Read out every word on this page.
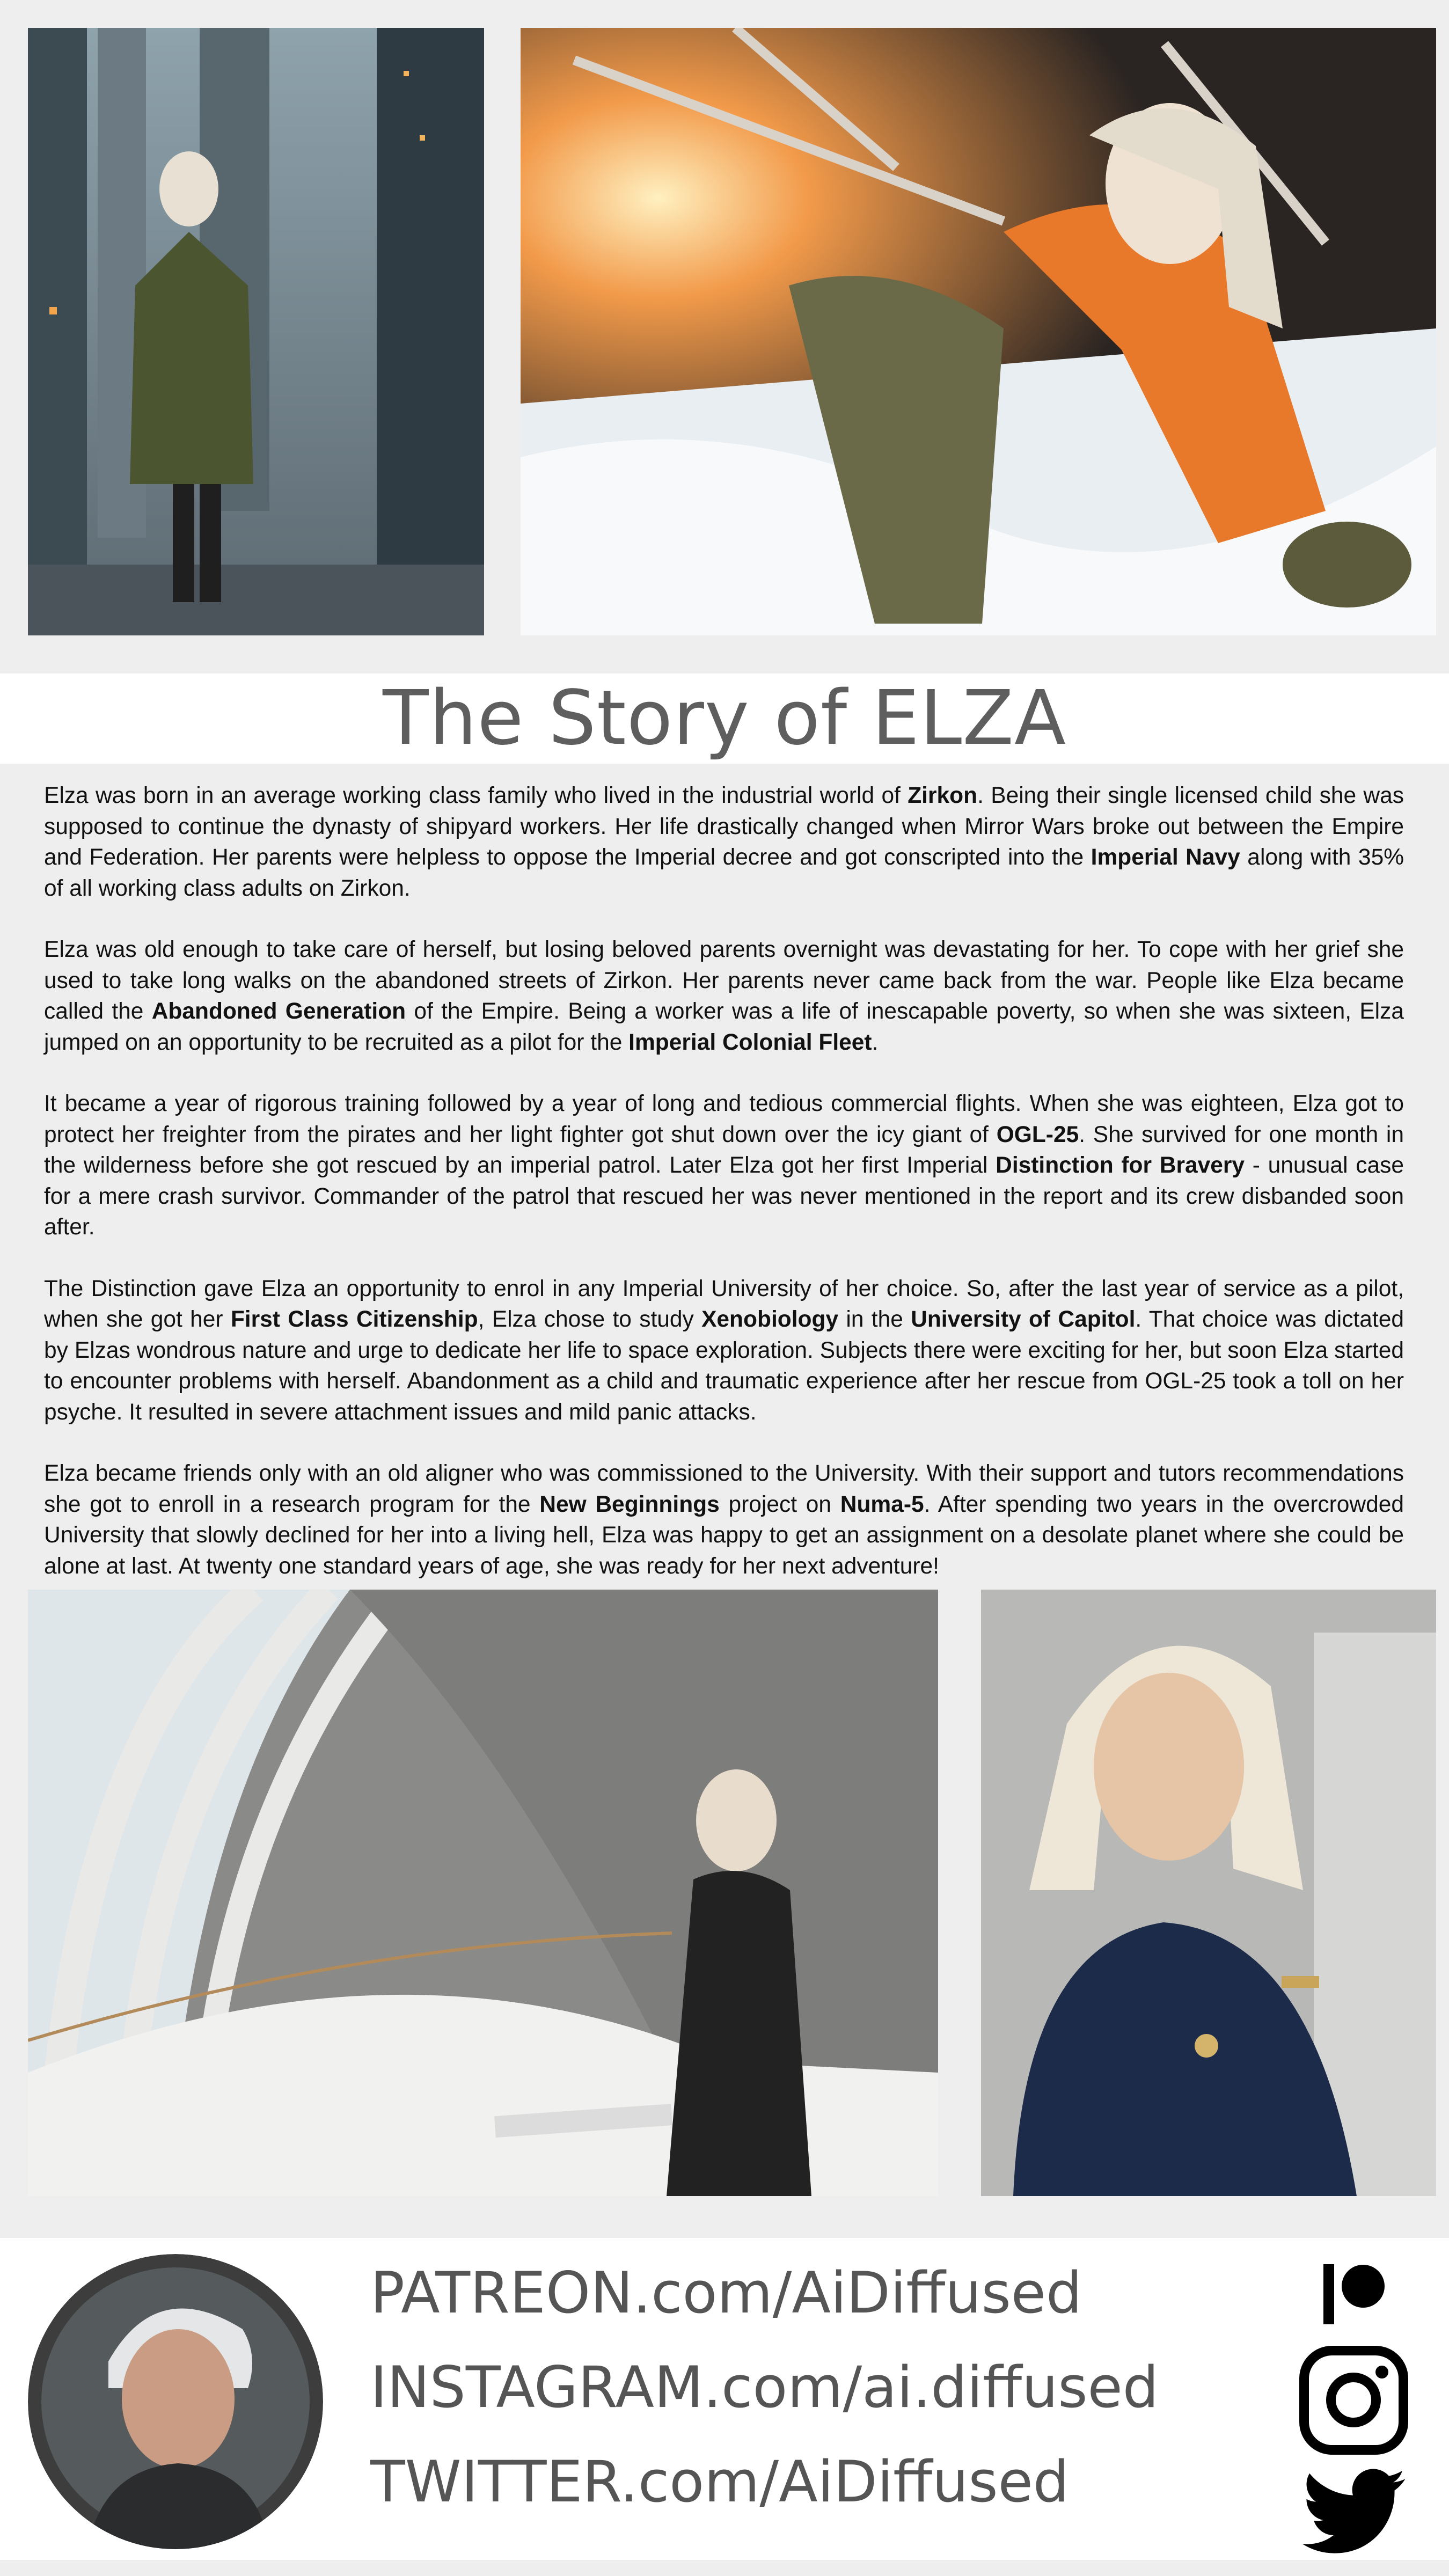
The Story of ELZA

Elza was born in an average working class family who lived in the industrial world of Zirkon. Being their single licensed child she was supposed to continue the dynasty of shipyard workers. Her life drastically changed when Mirror Wars broke out between the Empire and Federation. Her parents were helpless to oppose the Imperial decree and got conscripted into the Imperial Navy along with 35% of all working class adults on Zirkon.

Elza was old enough to take care of herself, but losing beloved parents overnight was devastating for her. To cope with her grief she used to take long walks on the abandoned streets of Zirkon. Her parents never came back from the war. People like Elza became called the Abandoned Generation of the Empire. Being a worker was a life of inescapable poverty, so when she was sixteen, Elza jumped on an opportunity to be recruited as a pilot for the Imperial Colonial Fleet.

It became a year of rigorous training followed by a year of long and tedious commercial flights. When she was eighteen, Elza got to protect her freighter from the pirates and her light fighter got shut down over the icy giant of OGL-25. She survived for one month in the wilderness before she got rescued by an imperial patrol. Later Elza got her first Imperial Distinction for Bravery - unusual case for a mere crash survivor. Commander of the patrol that rescued her was never mentioned in the report and its crew disbanded soon after.

The Distinction gave Elza an opportunity to enrol in any Imperial University of her choice. So, after the last year of service as a pilot, when she got her First Class Citizenship, Elza chose to study Xenobiology in the University of Capitol. That choice was dictated by Elzas wondrous nature and urge to dedicate her life to space exploration. Subjects there were exciting for her, but soon Elza started to encounter problems with herself. Abandonment as a child and traumatic experience after her rescue from OGL-25 took a toll on her psyche. It resulted in severe attachment issues and mild panic attacks.

Elza became friends only with an old aligner who was commissioned to the University. With their support and tutors recommendations she got to enroll in a research program for the New Beginnings project on Numa-5. After spending two years in the overcrowded University that slowly declined for her into a living hell, Elza was happy to get an assignment on a desolate planet where she could be alone at last. At twenty one standard years of age, she was ready for her next adventure!

PATREON.com/AiDiffused
INSTAGRAM.com/ai.diffused
TWITTER.com/AiDiffused
